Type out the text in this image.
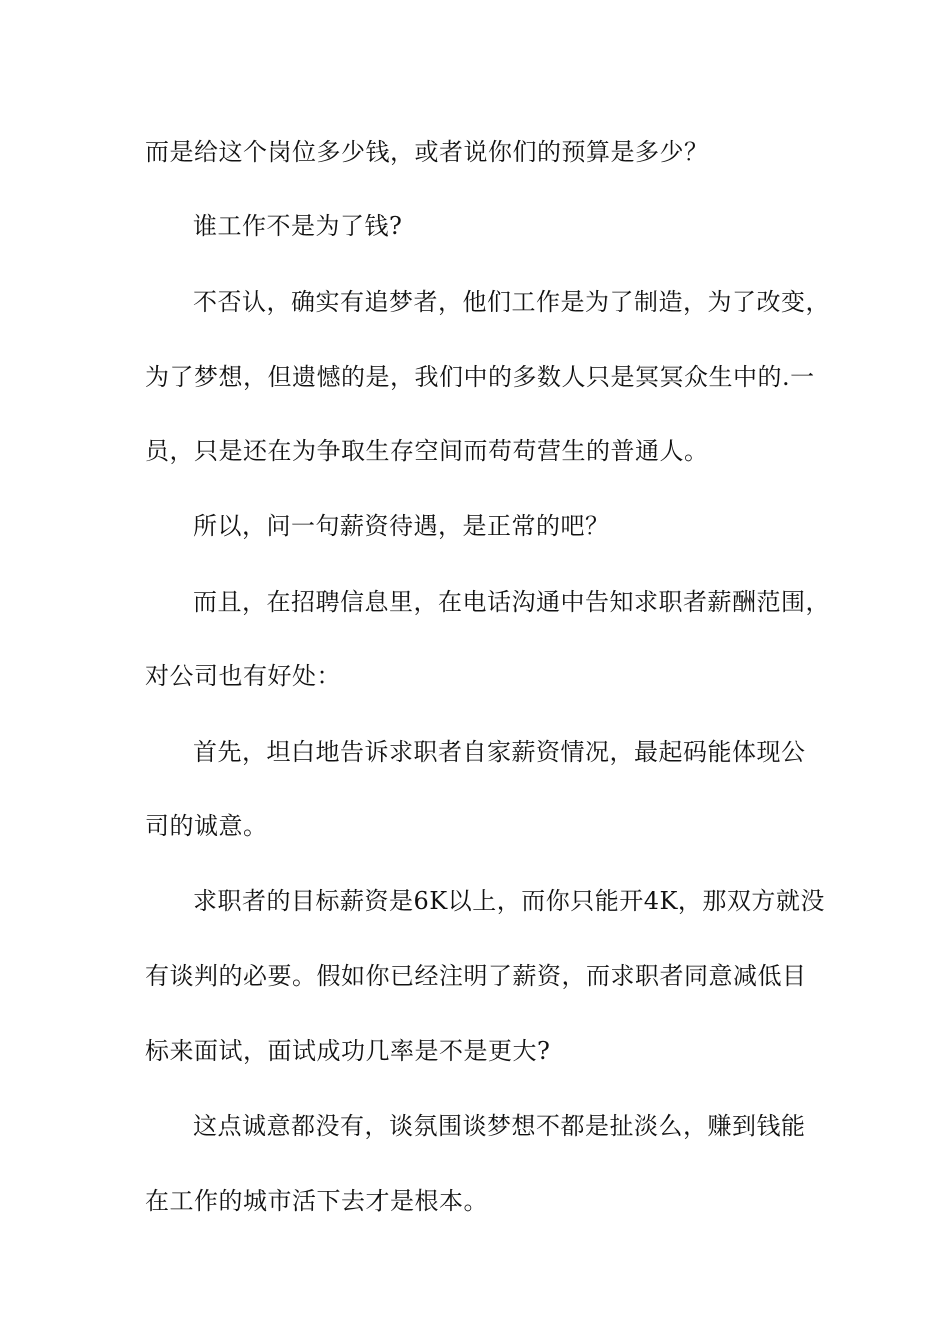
而是给这个岗位多少钱，或者说你们的预算是多少？
谁工作不是为了钱?
不否认，确实有追梦者，他们工作是为了制造，为了改变，
为了梦想，但遗憾的是，我们中的多数人只是冥冥众生中的.一
员，只是还在为争取生存空间而苟苟营生的普通人。
所以，问一句薪资待遇，是正常的吧？
而且，在招聘信息里，在电话沟通中告知求职者薪酬范围，
对公司也有好处：
首先，坦白地告诉求职者自家薪资情况，最起码能体现公
司的诚意。
求职者的目标薪资是6K以上，而你只能开4K，那双方就没
有谈判的必要。假如你已经注明了薪资，而求职者同意减低目
标来面试，面试成功几率是不是更大?
这点诚意都没有，谈氛围谈梦想不都是扯淡么，赚到钱能
在工作的城市活下去才是根本。
